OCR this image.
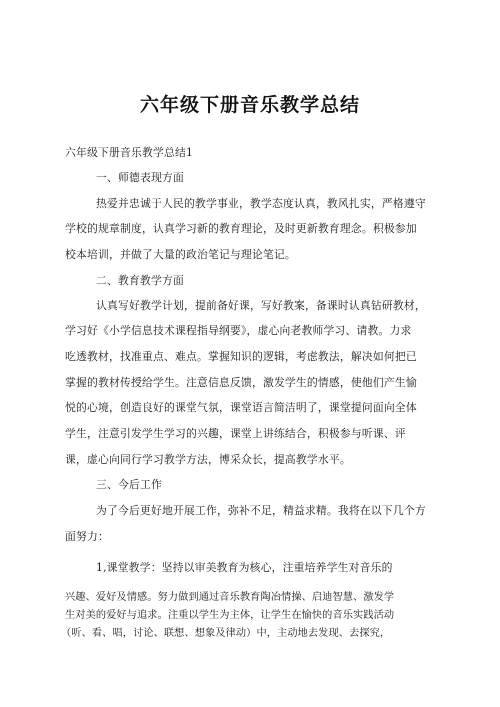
六年级下册音乐教学总结
六年级下册音乐教学总结1
一、师德表现方面
热爱并忠诚于人民的教学事业，教学态度认真，教风扎实，严格遵守
学校的规章制度，认真学习新的教育理论，及时更新教育理念。积极参加
校本培训，并做了大量的政治笔记与理论笔记。
二、教育教学方面
认真写好教学计划，提前备好课，写好教案，备课时认真钻研教材，
学习好《小学信息技术课程指导纲要》，虚心向老教师学习、请教。力求
吃透教材，找准重点、难点。掌握知识的逻辑，考虑教法，解决如何把已
掌握的教材传授给学生。注意信息反馈，激发学生的情感，使他们产生愉
悦的心境，创造良好的课堂气氛，课堂语言简洁明了，课堂提问面向全体
学生，注意引发学生学习的兴趣，课堂上讲练结合，积极参与听课、评
课，虚心向同行学习教学方法，博采众长，提高教学水平。
三、今后工作
为了今后更好地开展工作，弥补不足，精益求精。我将在以下几个方
面努力：
1,课堂教学：坚持以审美教育为核心，注重培养学生对音乐的
兴趣、爱好及情感。努力做到通过音乐教育陶冶情操、启迪智慧、激发学
生对美的爱好与追求。注重以学生为主体，让学生在愉快的音乐实践活动
（听、看、唱，讨论、联想、想象及律动）中，主动地去发现、去探究，
